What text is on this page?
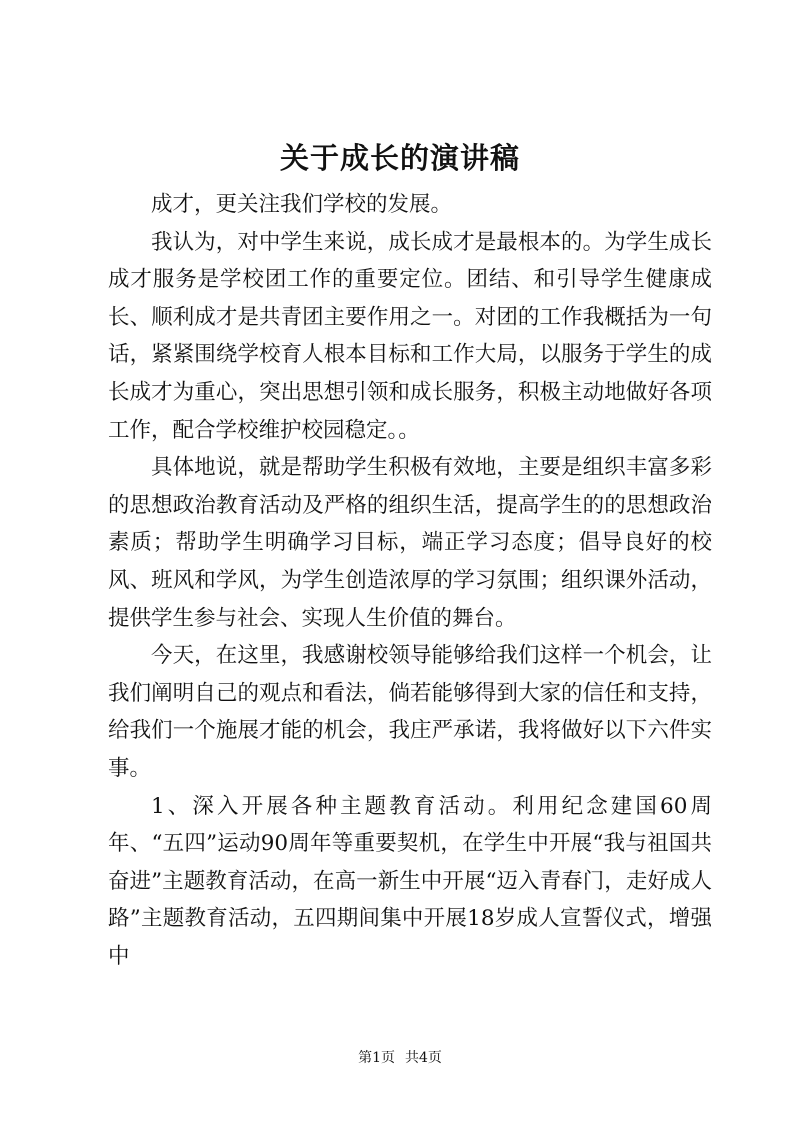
关于成长的演讲稿

成才，更关注我们学校的发展。

我认为，对中学生来说，成长成才是最根本的。为学生成长成才服务是学校团工作的重要定位。团结、和引导学生健康成长、顺利成才是共青团主要作用之一。对团的工作我概括为一句话，紧紧围绕学校育人根本目标和工作大局，以服务于学生的成长成才为重心，突出思想引领和成长服务，积极主动地做好各项工作，配合学校维护校园稳定。。

具体地说，就是帮助学生积极有效地，主要是组织丰富多彩的思想政治教育活动及严格的组织生活，提高学生的的思想政治素质；帮助学生明确学习目标，端正学习态度；倡导良好的校风、班风和学风，为学生创造浓厚的学习氛围；组织课外活动，提供学生参与社会、实现人生价值的舞台。

今天，在这里，我感谢校领导能够给我们这样一个机会，让我们阐明自己的观点和看法，倘若能够得到大家的信任和支持，给我们一个施展才能的机会，我庄严承诺，我将做好以下六件实事。

1、深入开展各种主题教育活动。利用纪念建国60周年、“五四”运动90周年等重要契机，在学生中开展“我与祖国共奋进”主题教育活动，在高一新生中开展“迈入青春门，走好成人路”主题教育活动，五四期间集中开展18岁成人宣誓仪式，增强中

第1页 共4页
